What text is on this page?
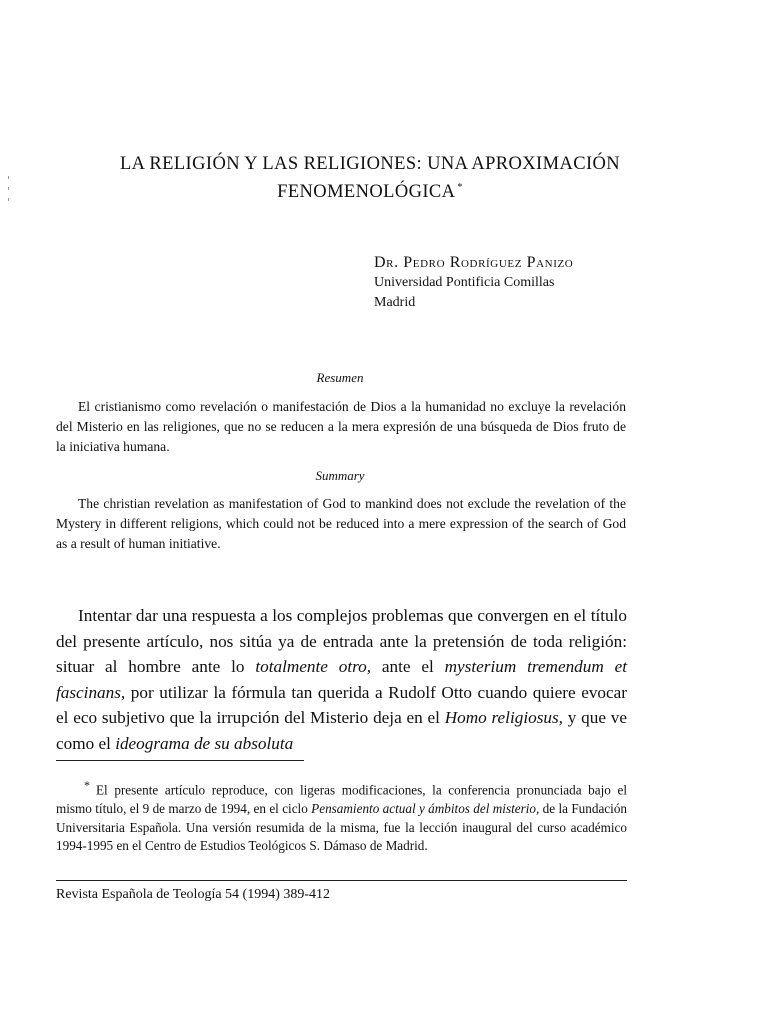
LA RELIGIÓN Y LAS RELIGIONES: UNA APROXIMACIÓN
FENOMENOLÓGICA *
Dr. Pedro Rodríguez Panizo
Universidad Pontificia Comillas
Madrid
Resumen
El cristianismo como revelación o manifestación de Dios a la humanidad no excluye la revelación del Misterio en las religiones, que no se reducen a la mera expresión de una búsqueda de Dios fruto de la iniciativa humana.
Summary
The christian revelation as manifestation of God to mankind does not exclude the revelation of the Mystery in different religions, which could not be reduced into a mere expression of the search of God as a result of human initiative.
Intentar dar una respuesta a los complejos problemas que convergen en el título del presente artículo, nos sitúa ya de entrada ante la pretensión de toda religión: situar al hombre ante lo totalmente otro, ante el mysterium tremendum et fascinans, por utilizar la fórmula tan querida a Rudolf Otto cuando quiere evocar el eco subjetivo que la irrupción del Misterio deja en el Homo religiosus, y que ve como el ideograma de su absoluta
* El presente artículo reproduce, con ligeras modificaciones, la conferencia pronunciada bajo el mismo título, el 9 de marzo de 1994, en el ciclo Pensamiento actual y ámbitos del misterio, de la Fundación Universitaria Española. Una versión resumida de la misma, fue la lección inaugural del curso académico 1994-1995 en el Centro de Estudios Teológicos S. Dámaso de Madrid.
Revista Española de Teología 54 (1994) 389-412
